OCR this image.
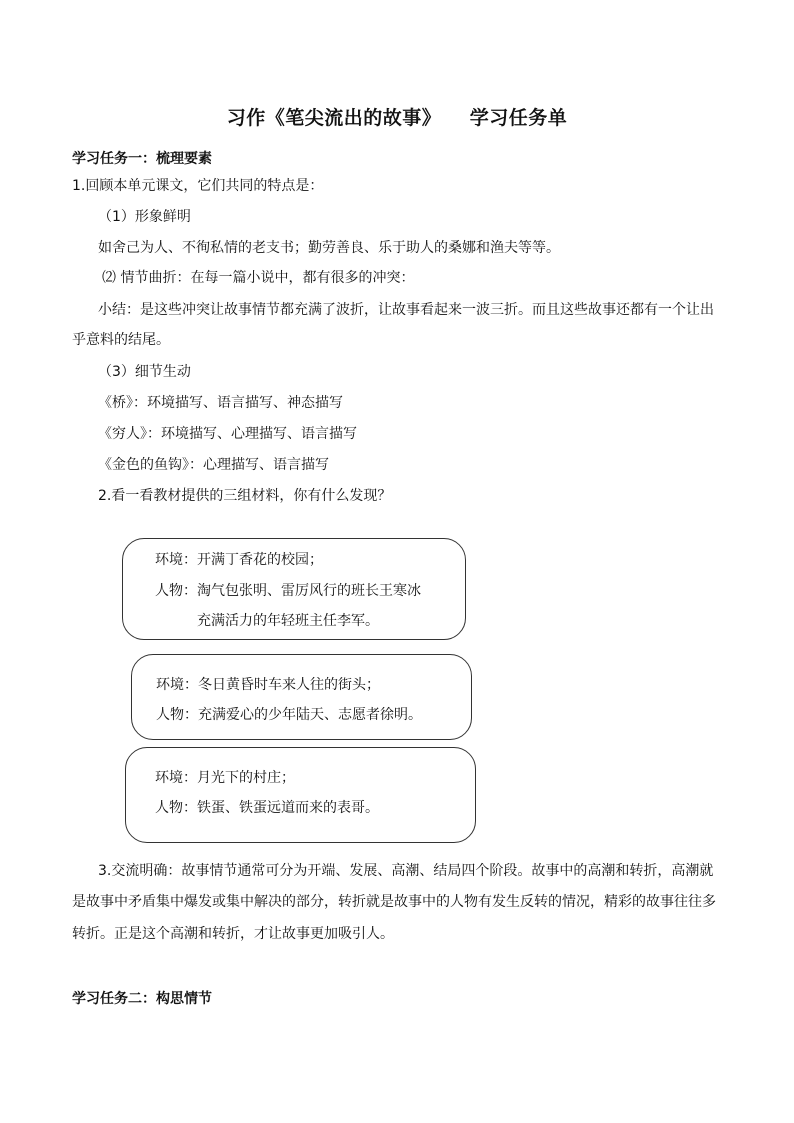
习作《笔尖流出的故事》    学习任务单
学习任务一：梳理要素
1.回顾本单元课文，它们共同的特点是：
（1）形象鲜明
如舍己为人、不徇私情的老支书；勤劳善良、乐于助人的桑娜和渔夫等等。
⑵ 情节曲折：在每一篇小说中，都有很多的冲突：
小结：是这些冲突让故事情节都充满了波折，让故事看起来一波三折。而且这些故事还都有一个让出
乎意料的结尾。
（3）细节生动
《桥》：环境描写、语言描写、神态描写
《穷人》：环境描写、心理描写、语言描写
《金色的鱼钩》：心理描写、语言描写
2.看一看教材提供的三组材料，你有什么发现？
环境：开满丁香花的校园；
人物：淘气包张明、雷厉风行的班长王寒冰
充满活力的年轻班主任李军。
环境：冬日黄昏时车来人往的街头；
人物：充满爱心的少年陆天、志愿者徐明。
环境：月光下的村庄；
人物：铁蛋、铁蛋远道而来的表哥。
3.交流明确：故事情节通常可分为开端、发展、高潮、结局四个阶段。故事中的高潮和转折，高潮就
是故事中矛盾集中爆发或集中解决的部分，转折就是故事中的人物有发生反转的情况，精彩的故事往往多
转折。正是这个高潮和转折，才让故事更加吸引人。
学习任务二：构思情节
